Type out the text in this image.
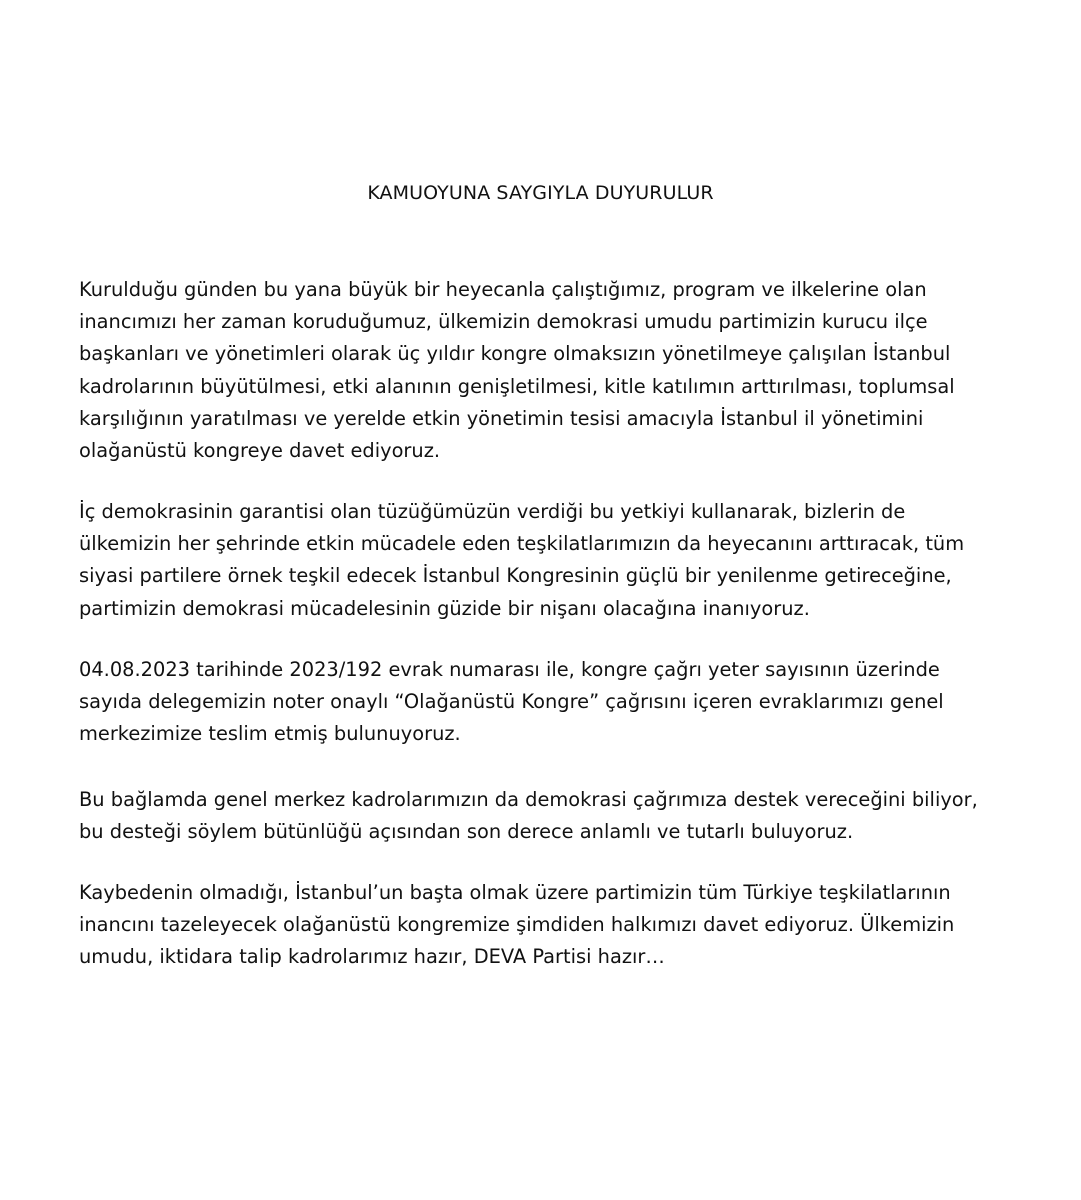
KAMUOYUNA SAYGIYLA DUYURULUR

Kurulduğu günden bu yana büyük bir heyecanla çalıştığımız, program ve ilkelerine olan
inancımızı her zaman koruduğumuz, ülkemizin demokrasi umudu partimizin kurucu ilçe
başkanları ve yönetimleri olarak üç yıldır kongre olmaksızın yönetilmeye çalışılan İstanbul
kadrolarının büyütülmesi, etki alanının genişletilmesi, kitle katılımın arttırılması, toplumsal
karşılığının yaratılması ve yerelde etkin yönetimin tesisi amacıyla İstanbul il yönetimini
olağanüstü kongreye davet ediyoruz.

İç demokrasinin garantisi olan tüzüğümüzün verdiği bu yetkiyi kullanarak, bizlerin de
ülkemizin her şehrinde etkin mücadele eden teşkilatlarımızın da heyecanını arttıracak, tüm
siyasi partilere örnek teşkil edecek İstanbul Kongresinin güçlü bir yenilenme getireceğine,
partimizin demokrasi mücadelesinin güzide bir nişanı olacağına inanıyoruz.

04.08.2023 tarihinde 2023/192 evrak numarası ile, kongre çağrı yeter sayısının üzerinde
sayıda delegemizin noter onaylı “Olağanüstü Kongre” çağrısını içeren evraklarımızı genel
merkezimize teslim etmiş bulunuyoruz.

Bu bağlamda genel merkez kadrolarımızın da demokrasi çağrımıza destek vereceğini biliyor,
bu desteği söylem bütünlüğü açısından son derece anlamlı ve tutarlı buluyoruz.

Kaybedenin olmadığı, İstanbul’un başta olmak üzere partimizin tüm Türkiye teşkilatlarının
inancını tazeleyecek olağanüstü kongremize şimdiden halkımızı davet ediyoruz. Ülkemizin
umudu, iktidara talip kadrolarımız hazır, DEVA Partisi hazır…
